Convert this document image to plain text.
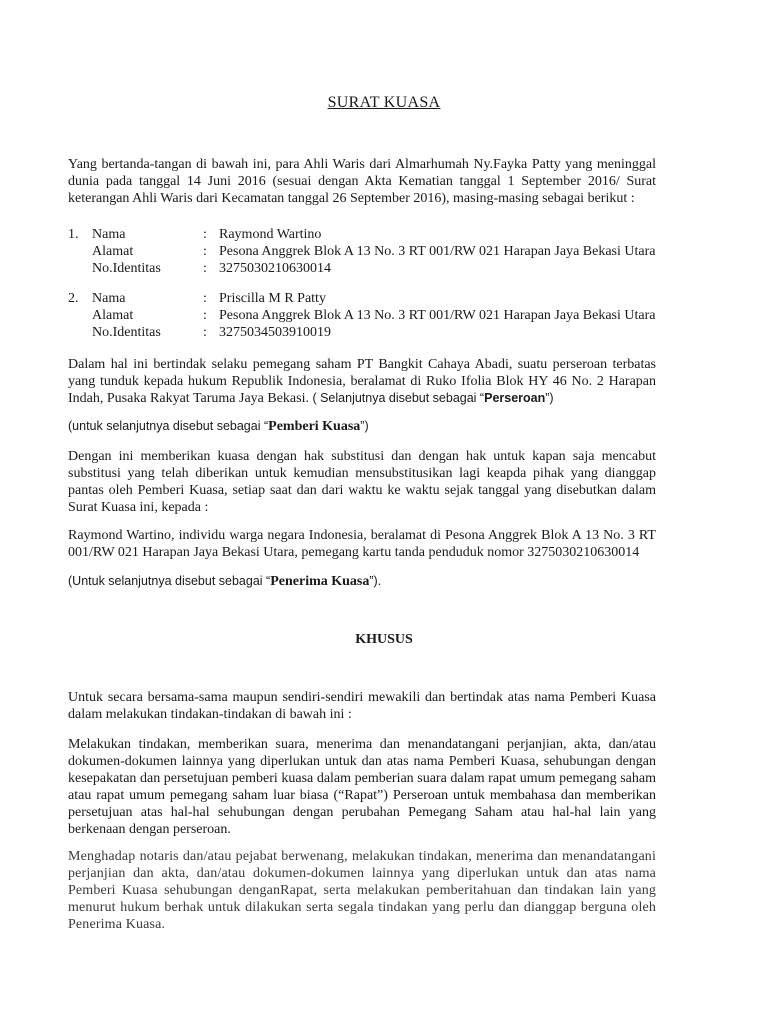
SURAT KUASA
Yang bertanda-tangan di bawah ini, para Ahli Waris dari Almarhumah Ny.Fayka Patty yang meninggal dunia pada tanggal 14 Juni 2016 (sesuai dengan Akta Kematian tanggal 1 September 2016/ Surat keterangan Ahli Waris dari Kecamatan tanggal 26 September 2016), masing-masing sebagai berikut :
1. Nama	: Raymond Wartino
Alamat	: Pesona Anggrek Blok A 13 No. 3 RT 001/RW 021 Harapan Jaya Bekasi Utara
No.Identitas	: 3275030210630014
2. Nama	: Priscilla M R Patty
Alamat	: Pesona Anggrek Blok A 13 No. 3 RT 001/RW 021 Harapan Jaya Bekasi Utara
No.Identitas	: 3275034503910019
Dalam hal ini bertindak selaku pemegang saham PT Bangkit Cahaya Abadi, suatu perseroan terbatas yang tunduk kepada hukum Republik Indonesia, beralamat di Ruko Ifolia Blok HY 46 No. 2 Harapan Indah, Pusaka Rakyat Taruma Jaya Bekasi. ( Selanjutnya disebut sebagai “Perseroan”)
(untuk selanjutnya disebut sebagai “Pemberi Kuasa”)
Dengan ini memberikan kuasa dengan hak substitusi dan dengan hak untuk kapan saja mencabut substitusi yang telah diberikan untuk kemudian mensubstitusikan lagi keapda pihak yang dianggap pantas oleh Pemberi Kuasa, setiap saat dan dari waktu ke waktu sejak tanggal yang disebutkan dalam Surat Kuasa ini, kepada :
Raymond Wartino, individu warga negara Indonesia, beralamat di Pesona Anggrek Blok A 13 No. 3 RT 001/RW 021 Harapan Jaya Bekasi Utara, pemegang kartu tanda penduduk nomor 3275030210630014
(Untuk selanjutnya disebut sebagai “Penerima Kuasa”).
KHUSUS
Untuk secara bersama-sama maupun sendiri-sendiri mewakili dan bertindak atas nama Pemberi Kuasa dalam melakukan tindakan-tindakan di bawah ini :
Melakukan tindakan, memberikan suara, menerima dan menandatangani perjanjian, akta, dan/atau dokumen-dokumen lainnya yang diperlukan untuk dan atas nama Pemberi Kuasa, sehubungan dengan kesepakatan dan persetujuan pemberi kuasa dalam pemberian suara dalam rapat umum pemegang saham atau rapat umum pemegang saham luar biasa (“Rapat”) Perseroan untuk membahasa dan memberikan persetujuan atas hal-hal sehubungan dengan perubahan Pemegang Saham atau hal-hal lain yang berkenaan dengan perseroan.
Menghadap notaris dan/atau pejabat berwenang, melakukan tindakan, menerima dan menandatangani perjanjian dan akta, dan/atau dokumen-dokumen lainnya yang diperlukan untuk dan atas nama Pemberi Kuasa sehubungan denganRapat, serta melakukan pemberitahuan dan tindakan lain yang menurut hukum berhak untuk dilakukan serta segala tindakan yang perlu dan dianggap berguna oleh Penerima Kuasa.
